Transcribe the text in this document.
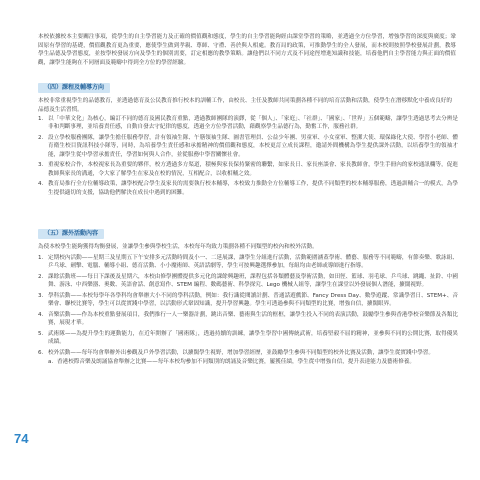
本校依據校本主要關注事項，從學生的自主學習能力及正確的價值觀和態度，學生的自主學習能夠經由課堂學習的策略，並透過全方位學習，增強學習的深度與廣度；鞏固原有學習的基礎，價值觀教育更為重要，應使學生做到孝親、尊師、守禮、善於與人相處。教育局的政策，可推動學生的全人發展，而本校則按照學校發展計劃，教導學生品德及學習態度，並按學校發展方向及學生的個別需要，訂定相應的教學策略。讓他們以不同方式及不同途徑增進知識和技能，培養他們自主學習能力與正面的價值觀，讓學生能夠在不同層面及範疇中得到全方位的學習經驗。

（四）課程及輔導方向

本校非常重視學生的品德教育，並透過德育及公民教育推行校本的訓輔工作，由校長、主任及教師共同策劃各種不同的培育活動和活動，使學生在潛移默化中養成良好的品德及生活習慣。

1. 以「中華文化」為核心，編訂不同的德育及國民教育重點，透過教師團隊的演繹，從「個人」、「家庭」、「社群」、「國家」、「世界」五個範疇，讓學生透過思考去分辨是非和判斷事理，並培養責任感，自動自發去守紀律的態度，透過全方位學習活動，藉觀察學生品德行為，勤奮工作，服務社群。
2. 設立學校服務團隊，讓學生擔任服務學習，計有領袖生隊、午膳領袖生隊、圖書管理員、公益少年團、男童軍、小女童軍、整潔大使、環保綠化大使、學習小老師、體育衛生校目資訊科技小隊等，同時，為培養學生責任感和承擔精神的價值觀和態度，本校更訂立成長課程，邀請外間機構為學生提供課外活動，以培養學生的領袖才能，讓學生從中學習承擔責任，學習如何與人合作，並從服務中學習關懷社會。
3. 重視家校合作，本校視家長為重要的夥伴，校方透過多方渠道，積極與家長保持緊密的聯繫，如家長日、家長座談會、家長教師會，學生手冊內的家校通訊欄等，促進教師與家長的溝通，令大家了解學生在家及在校的情況，互相配合，以收相輔之效。
4. 教育局推行全方位輔導政策，讓學校配合學生及家長的需要執行校本輔導，本校致力推動全方位輔導工作，提供不同類型的校本輔導服務，透過訓輔合一的模式，為學生提供適切的支援，協助他們解決在成長中遇到的困難。
（五）課外活動內容

為使本校學生能夠獲得均衡發展，並讓學生參與學校生活，本校每年均致力策劃各種不同類型的校內和校外活動。

1. 定期校內活動——星期三及星期五下午安排多元活動時間及小一、二延展課，讓學生分組進行活動，活動範圍涵蓋學術、體藝、服務等不同範疇，有節奏樂、歌詠組、乒乓球、劍擊、電腦、輔導小組、德育活動、小小魔術師、英語話劇等，學生可按興趣選擇參加，每組均由老師或導師進行指導。
2. 課餘活動班——每日下課後及星期六，本校由修學團體提供多元化的課餘興趣班，課程包括各類體藝及學術活動，如田徑、籃球、羽毛球、乒乓球、跳繩、扯鈴、中國舞、游泳、中西樂器、奧數、英語會話、創意寫作、STEM 編程、數碼藝術、科學探究、Lego 機械人組等，讓學生在課堂以外發展個人潛能，擴闊視野。
3. 學科活動——本校每學年各學科均會舉辦大小不同的學科活動，例如：我行識從閱讀計劃、普通話遊戲節、Fancy Dress Day、數學遊蹤、常識學習日、STEM+、音樂會、聯校比賽等，學生可以從實踐中學習，以活動形式鞏固知識，提升學習興趣。學生可透過參與不同類型的比賽，增強自信，擴闊眼界。
4. 音樂活動——作為本校重點發展項目，我們推行一人一樂器計劃，跳出音樂、藝術與生活的框框，讓學生投入不同的表演活動，鼓勵學生參與香港學校音樂節及各類比賽，展現才華。
5. 武術隊——為提升學生的運動能力，在近年開辦了「國術隊」，透過持續的訓練，讓學生學習中國傳統武術，培養堅毅不屈的精神，並參與不同的公開比賽，取得優異成績。
6. 校外活動——每年均會舉辦外出參觀及戶外學習活動，以擴闊學生視野，增加學習經歷，並鼓勵學生參與不同類型的校外比賽及活動，讓學生從實踐中學習。
a. 香港校際音樂及朗誦協會舉辦之比賽——每年本校均參加不同類別的朗誦及音樂比賽，屢獲佳績，學生從中增強自信，提升表達能力及藝術修養。
74
